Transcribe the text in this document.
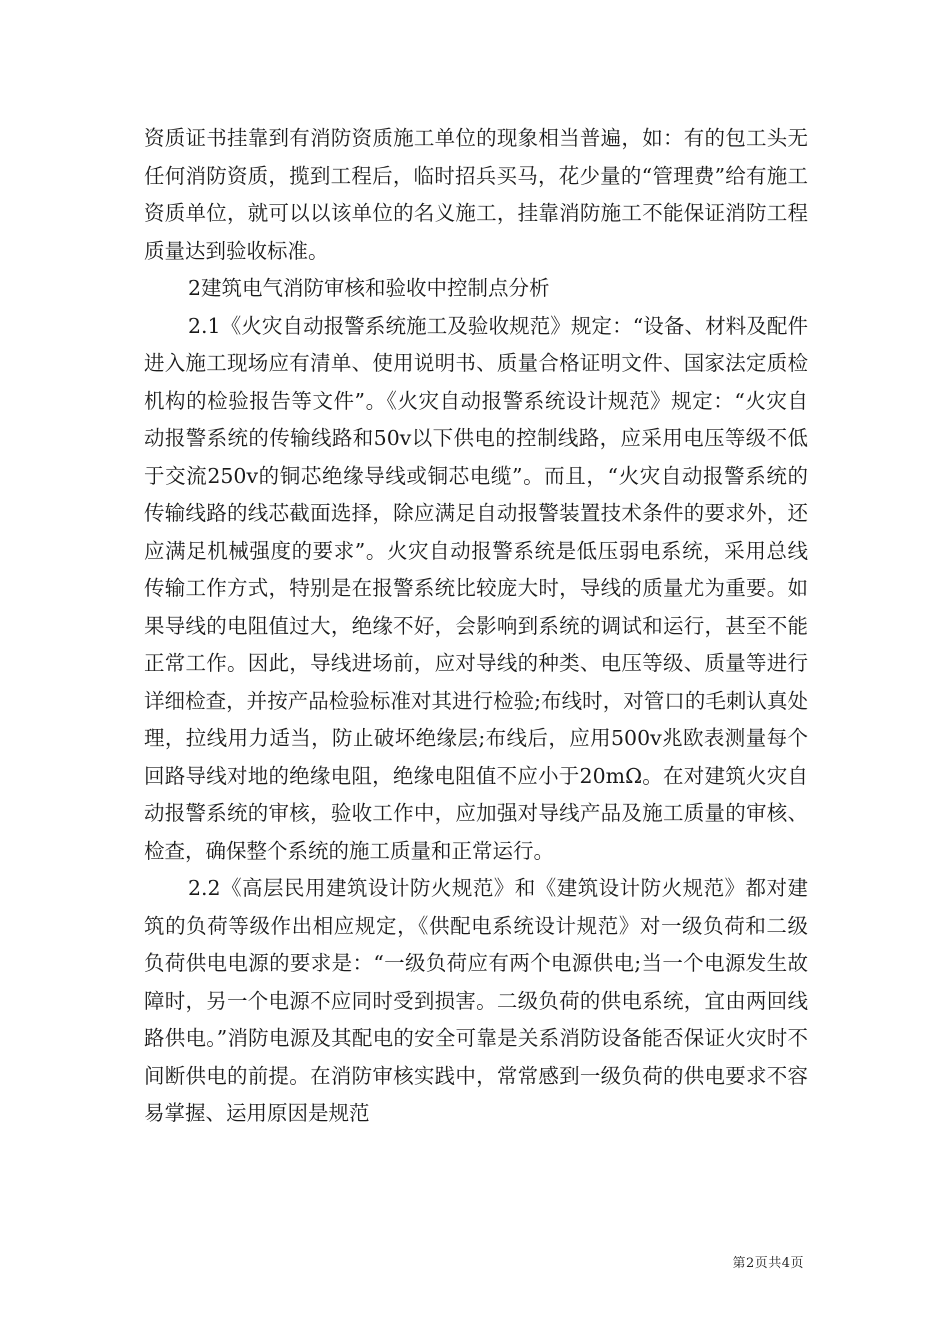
资质证书挂靠到有消防资质施工单位的现象相当普遍，如：有的包工头无任何消防资质，揽到工程后，临时招兵买马，花少量的“管理费”给有施工资质单位，就可以以该单位的名义施工，挂靠消防施工不能保证消防工程质量达到验收标准。

2建筑电气消防审核和验收中控制点分析

2.1《火灾自动报警系统施工及验收规范》规定：“设备、材料及配件进入施工现场应有清单、使用说明书、质量合格证明文件、国家法定质检机构的检验报告等文件”。《火灾自动报警系统设计规范》规定：“火灾自动报警系统的传输线路和50v以下供电的控制线路，应采用电压等级不低于交流250v的铜芯绝缘导线或铜芯电缆”。而且，“火灾自动报警系统的传输线路的线芯截面选择，除应满足自动报警装置技术条件的要求外，还应满足机械强度的要求”。火灾自动报警系统是低压弱电系统，采用总线传输工作方式，特别是在报警系统比较庞大时，导线的质量尤为重要。如果导线的电阻值过大，绝缘不好，会影响到系统的调试和运行，甚至不能正常工作。因此，导线进场前，应对导线的种类、电压等级、质量等进行详细检查，并按产品检验标准对其进行检验;布线时，对管口的毛刺认真处理，拉线用力适当，防止破坏绝缘层;布线后，应用500v兆欧表测量每个回路导线对地的绝缘电阻，绝缘电阻值不应小于20mΩ。在对建筑火灾自动报警系统的审核，验收工作中，应加强对导线产品及施工质量的审核、检查，确保整个系统的施工质量和正常运行。

2.2《高层民用建筑设计防火规范》和《建筑设计防火规范》都对建筑的负荷等级作出相应规定，《供配电系统设计规范》对一级负荷和二级负荷供电电源的要求是：“一级负荷应有两个电源供电;当一个电源发生故障时，另一个电源不应同时受到损害。二级负荷的供电系统，宜由两回线路供电。”消防电源及其配电的安全可靠是关系消防设备能否保证火灾时不间断供电的前提。在消防审核实践中，常常感到一级负荷的供电要求不容易掌握、运用原因是规范

第2页共4页
